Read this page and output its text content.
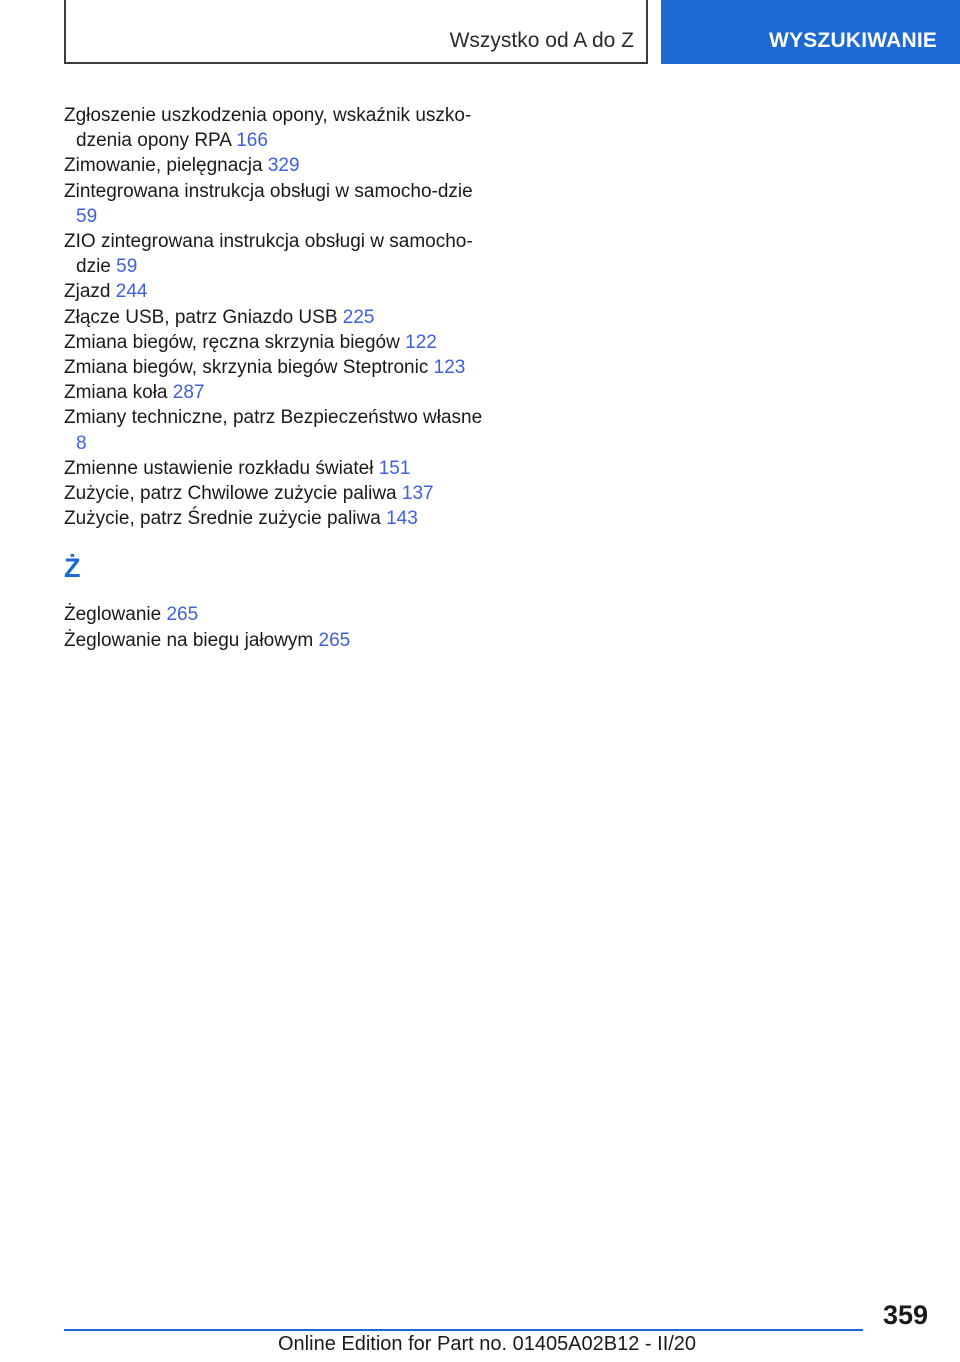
Wszystko od A do Z	WYSZUKIWANIE

Zgłoszenie uszkodzenia opony, wskaźnik uszko-dzenia opony RPA 166

Zimowanie, pielęgnacja 329

Zintegrowana instrukcja obsługi w samocho-dzie 59

ZIO zintegrowana instrukcja obsługi w samocho-dzie 59

Zjazd 244

Złącze USB, patrz Gniazdo USB 225

Zmiana biegów, ręczna skrzynia biegów 122

Zmiana biegów, skrzynia biegów Steptronic 123

Zmiana koła 287

Zmiany techniczne, patrz Bezpieczeństwo własne 8

Zmienne ustawienie rozkładu świateł 151

Zużycie, patrz Chwilowe zużycie paliwa 137

Zużycie, patrz Średnie zużycie paliwa 143

Ż

Żeglowanie 265

Żeglowanie na biegu jałowym 265

359
Online Edition for Part no. 01405A02B12 - II/20
